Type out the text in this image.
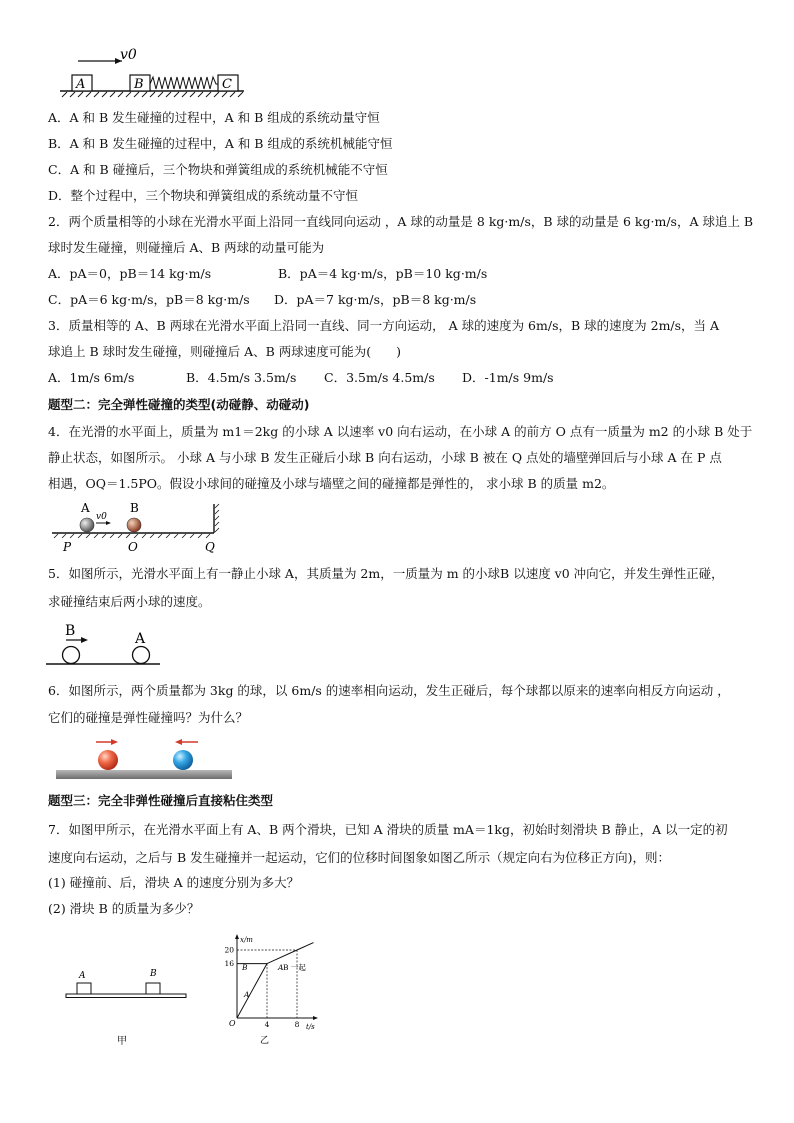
v0
A	B	C
A．A 和 B 发生碰撞的过程中，A 和 B 组成的系统动量守恒
B．A 和 B 发生碰撞的过程中，A 和 B 组成的系统机械能守恒
C．A 和 B 碰撞后，三个物块和弹簧组成的系统机械能不守恒
D．整个过程中，三个物块和弹簧组成的系统动量不守恒
2．两个质量相等的小球在光滑水平面上沿同一直线同向运动 ，A 球的动量是 8 kg·m/s，B 球的动量是 6 kg·m/s，A 球追上 B
球时发生碰撞，则碰撞后 A、B 两球的动量可能为
A．pA＝0，pB＝14 kg·m/s	B．pA＝4 kg·m/s，pB＝10 kg·m/s
C．pA＝6 kg·m/s，pB＝8 kg·m/s D．pA＝7 kg·m/s，pB＝8 kg·m/s
3．质量相等的 A、B 两球在光滑水平面上沿同一直线、同一方向运动， A 球的速度为 6m/s，B 球的速度为 2m/s，当 A
球追上 B 球时发生碰撞，则碰撞后 A、B 两球速度可能为(　　)
A．1m/s 6m/s	B．4.5m/s 3.5m/s C．3.5m/s 4.5m/s D．-1m/s 9m/s
题型二：完全弹性碰撞的类型(动碰静、动碰动)
4．在光滑的水平面上，质量为 m1＝2kg 的小球 A 以速率 v0 向右运动，在小球 A 的前方 O 点有一质量为 m2 的小球 B 处于
静止状态，如图所示。 小球 A 与小球 B 发生正碰后小球 B 向右运动，小球 B 被在 Q 点处的墙壁弹回后与小球 A 在 P 点
相遇，OQ＝1.5PO。假设小球间的碰撞及小球与墙壁之间的碰撞都是弹性的， 求小球 B 的质量 m2。
A
v0
B
P	O	Q
5．如图所示，光滑水平面上有一静止小球 A，其质量为 2m，一质量为 m 的小球B 以速度 v0 冲向它，并发生弹性正碰，
求碰撞结束后两小球的速度。
B	A
6．如图所示，两个质量都为 3kg 的球，以 6m/s 的速率相向运动，发生正碰后，每个球都以原来的速率向相反方向运动 ，
它们的碰撞是弹性碰撞吗？为什么？
题型三：完全非弹性碰撞后直接粘住类型
7．如图甲所示，在光滑水平面上有 A、B 两个滑块，已知 A 滑块的质量 mA＝1kg，初始时刻滑块 B 静止，A 以一定的初
速度向右运动，之后与 B 发生碰撞并一起运动，它们的位移时间图象如图乙所示（规定向右为位移正方向)，则：
(1) 碰撞前、后，滑块 A 的速度分别为多大？
(2) 滑块 B 的质量为多少？
A	B
甲
x/m
t/s
O
20
16
4	8
B
A
A B 一起
乙
